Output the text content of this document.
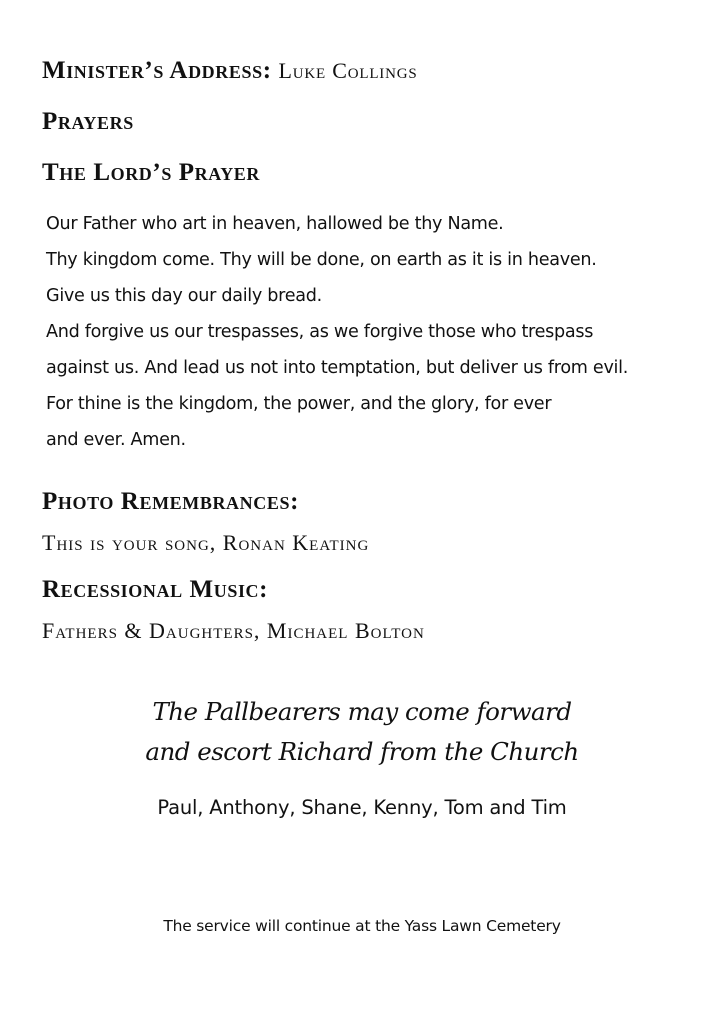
Minister’s Address: Luke Collings
Prayers
The Lord’s Prayer
Our Father who art in heaven, hallowed be thy Name.
Thy kingdom come. Thy will be done, on earth as it is in heaven.
Give us this day our daily bread.
And forgive us our trespasses, as we forgive those who trespass
against us. And lead us not into temptation, but deliver us from evil.
For thine is the kingdom, the power, and the glory, for ever
and ever. Amen.
Photo Remembrances:

This is your song, Ronan Keating

Recessional Music:

Fathers & Daughters, Michael Bolton

The Pallbearers may come forward

and escort Richard from the Church

Paul, Anthony, Shane, Kenny, Tom and Tim

The service will continue at the Yass Lawn Cemetery
